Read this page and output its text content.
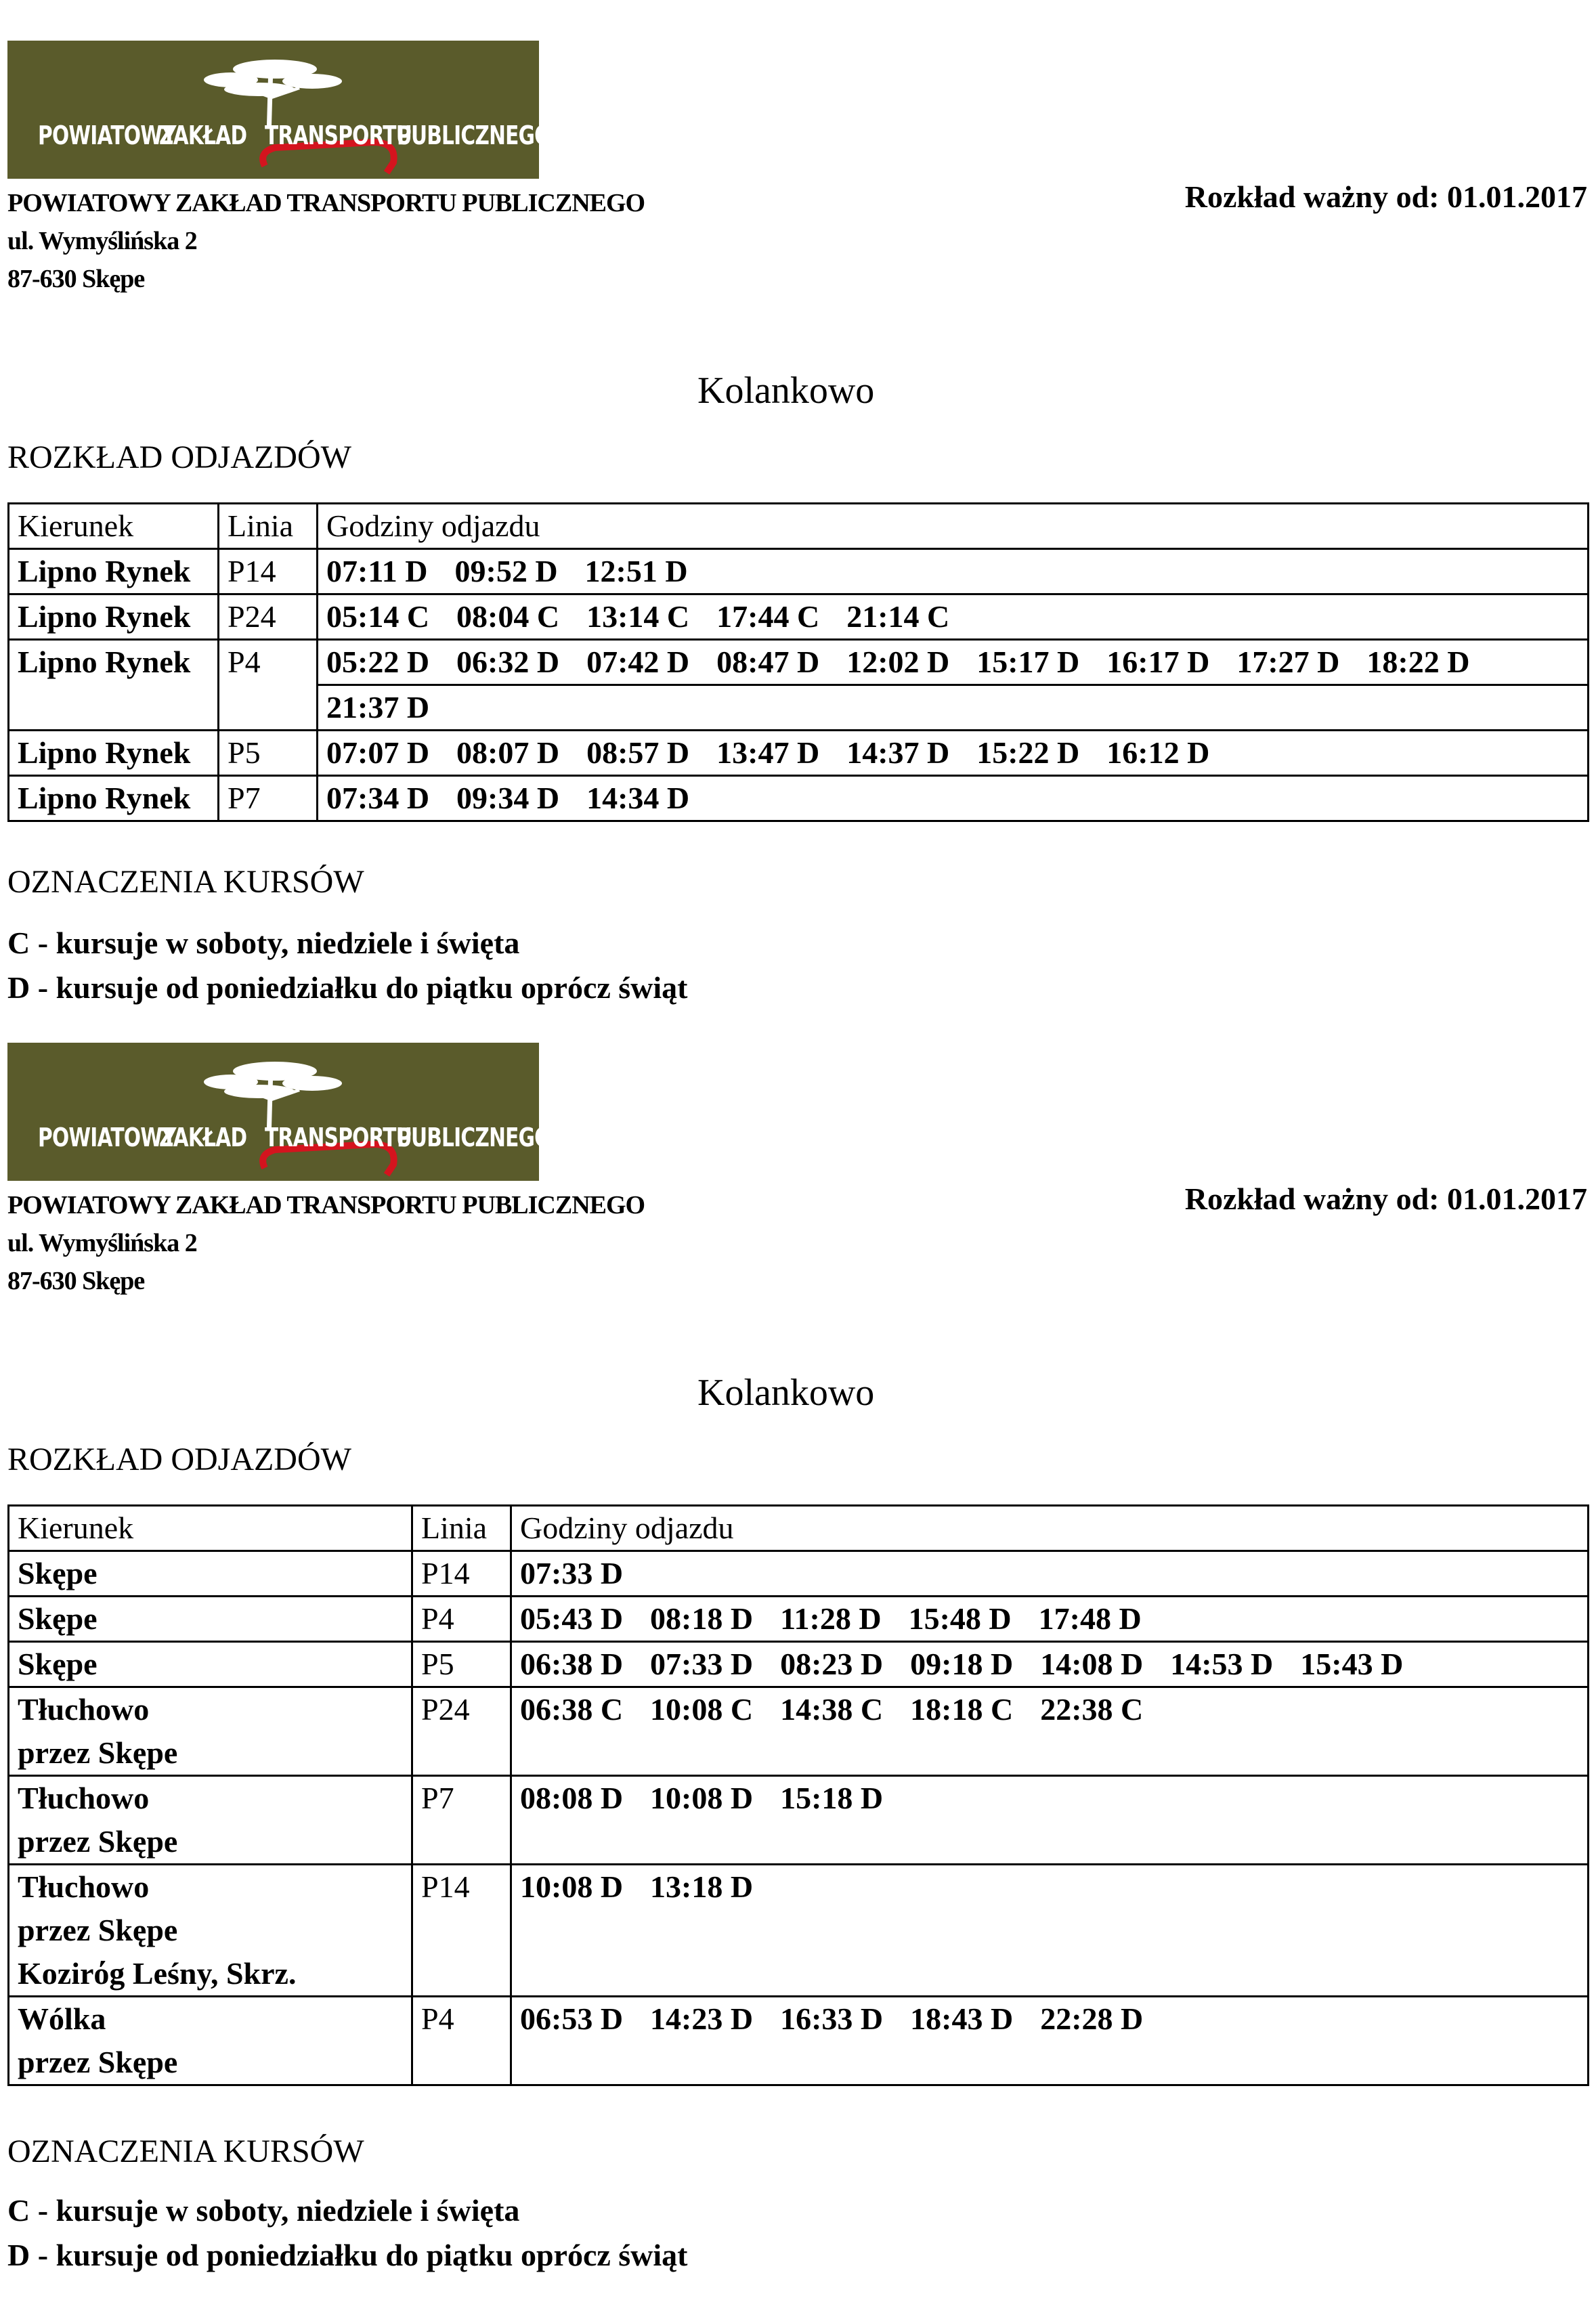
POWIATOWY
ZAKŁAD TRANSPORTU
PUBLICZNEGO
POWIATOWY ZAKŁAD TRANSPORTU PUBLICZNEGO
ul. Wymyślińska 2
87-630 Skępe
Rozkład ważny od: 01.01.2017
Kolankowo
ROZKŁAD ODJAZDÓW
Kierunek	Linia	Godziny odjazdu
Lipno Rynek	P14	07:11 D 09:52 D 12:51 D
Lipno Rynek	P24	05:14 C 08:04 C 13:14 C 17:44 C 21:14 C
Lipno Rynek	P4	05:22 D 06:32 D 07:42 D 08:47 D 12:02 D 15:17 D 16:17 D 17:27 D 18:22 D
		21:37 D
Lipno Rynek	P5	07:07 D 08:07 D 08:57 D 13:47 D 14:37 D 15:22 D 16:12 D
Lipno Rynek	P7	07:34 D 09:34 D 14:34 D
OZNACZENIA KURSÓW
C - kursuje w soboty, niedziele i święta
D - kursuje od poniedziałku do piątku oprócz świąt
POWIATOWY
ZAKŁAD TRANSPORTU
PUBLICZNEGO
POWIATOWY ZAKŁAD TRANSPORTU PUBLICZNEGO
ul. Wymyślińska 2
87-630 Skępe
Rozkład ważny od: 01.01.2017
Kolankowo
ROZKŁAD ODJAZDÓW
Kierunek	Linia	Godziny odjazdu

Skępe	P14	07:33 D

Skępe	P4	05:43 D 08:18 D 11:28 D 15:48 D 17:48 D

Skępe	P5	06:38 D 07:33 D 08:23 D 09:18 D 14:08 D 14:53 D 15:43 D

Tłuchowo
przez Skępe	P24	06:38 C 10:08 C 14:38 C 18:18 C 22:38 C

Tłuchowo
przez Skępe	P7	08:08 D 10:08 D 15:18 D

Tłuchowo
przez Skępe
Kozirόg Leśny, Skrz.	P14	10:08 D 13:18 D

Wólka
przez Skępe	P4	06:53 D 14:23 D 16:33 D 18:43 D 22:28 D
OZNACZENIA KURSÓW
C - kursuje w soboty, niedziele i święta
D - kursuje od poniedziałku do piątku oprócz świąt
